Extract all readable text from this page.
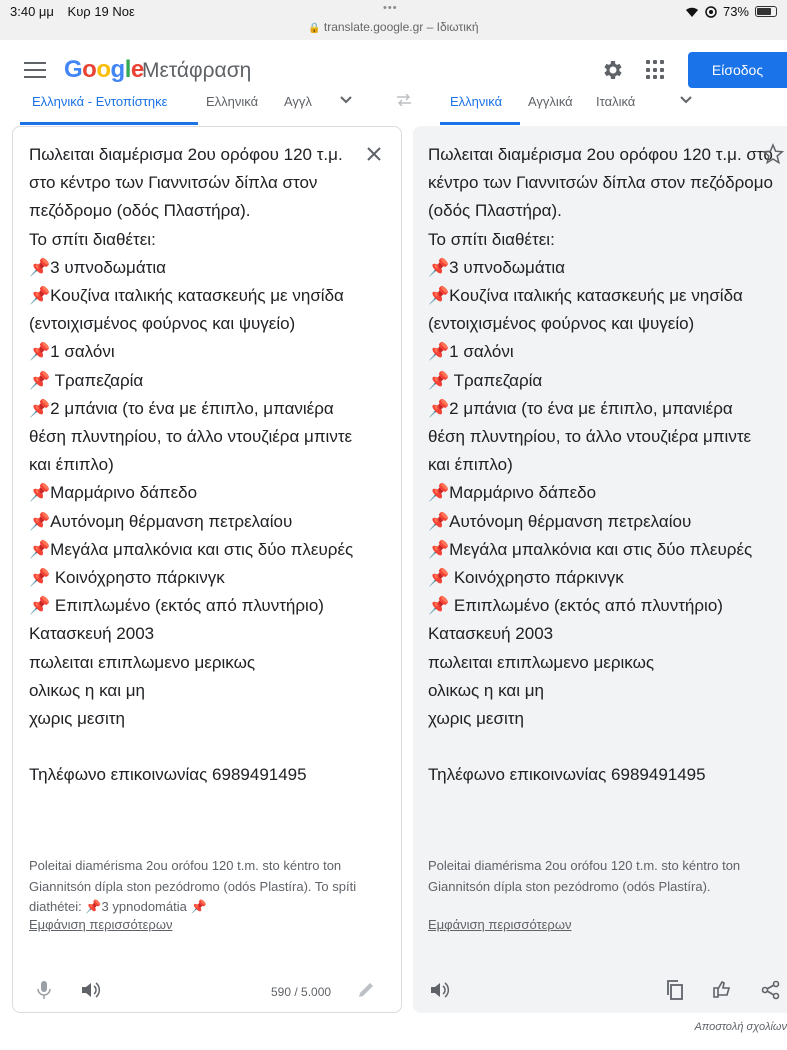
3:40 μμ Κυρ 19 Νοε	•••
🔒 translate.google.gr – Ιδιωτική
73%
Google
Μετάφραση	Είσοδος
Ελληνικά - Εντοπίστηκε	Ελληνικά Αγγλ	Ελληνικά Αγγλικά Ιταλικά
Πωλειται διαμέρισμα 2ου ορόφου 120 τ.μ. στο κέντρο των Γιαννιτσών δίπλα στον πεζόδρομο (οδός Πλαστήρα).
Το σπίτι διαθέτει:
📌3 υπνοδωμάτια
📌Κουζίνα ιταλικής κατασκευής με νησίδα (εντοιχισμένος φούρνος και ψυγείο)
📌1 σαλόνι
📌 Τραπεζαρία
📌2 μπάνια (το ένα με έπιπλο, μπανιέρα θέση πλυντηρίου, το άλλο ντουζιέρα μπιντε και έπιπλο)
📌Μαρμάρινο δάπεδο
📌Αυτόνομη θέρμανση πετρελαίου
📌Μεγάλα μπαλκόνια και στις δύο πλευρές
📌 Κοινόχρηστο πάρκινγκ
📌 Επιπλωμένο (εκτός από πλυντήριο)
Κατασκευή 2003
πωλειται επιπλωμενο μερικως
ολικως η και μη
χωρις μεσιτη

Τηλέφωνο επικοινωνίας 6989491495
Poleitai diamérisma 2ou orófou 120 t.m. sto kéntro ton Giannitsón dípla ston pezódromo (odós Plastíra). To spíti diathétei: 📌3 ypnodomátia 📌
Εμφάνιση περισσότερων
590 / 5.000
Πωλειται διαμέρισμα 2ου ορόφου 120 τ.μ. στο κέντρο των Γιαννιτσών δίπλα στον πεζόδρομο (οδός Πλαστήρα).
Το σπίτι διαθέτει:
📌3 υπνοδωμάτια
📌Κουζίνα ιταλικής κατασκευής με νησίδα (εντοιχισμένος φούρνος και ψυγείο)
📌1 σαλόνι
📌 Τραπεζαρία
📌2 μπάνια (το ένα με έπιπλο, μπανιέρα θέση πλυντηρίου, το άλλο ντουζιέρα μπιντε και έπιπλο)
📌Μαρμάρινο δάπεδο
📌Αυτόνομη θέρμανση πετρελαίου
📌Μεγάλα μπαλκόνια και στις δύο πλευρές
📌 Κοινόχρηστο πάρκινγκ
📌 Επιπλωμένο (εκτός από πλυντήριο)
Κατασκευή 2003
πωλειται επιπλωμενο μερικως
ολικως η και μη
χωρις μεσιτη

Τηλέφωνο επικοινωνίας 6989491495
Poleitai diamérisma 2ou orófou 120 t.m. sto kéntro ton Giannitsón dípla ston pezódromo (odós Plastíra).
Εμφάνιση περισσότερων
Αποστολή σχολίων
